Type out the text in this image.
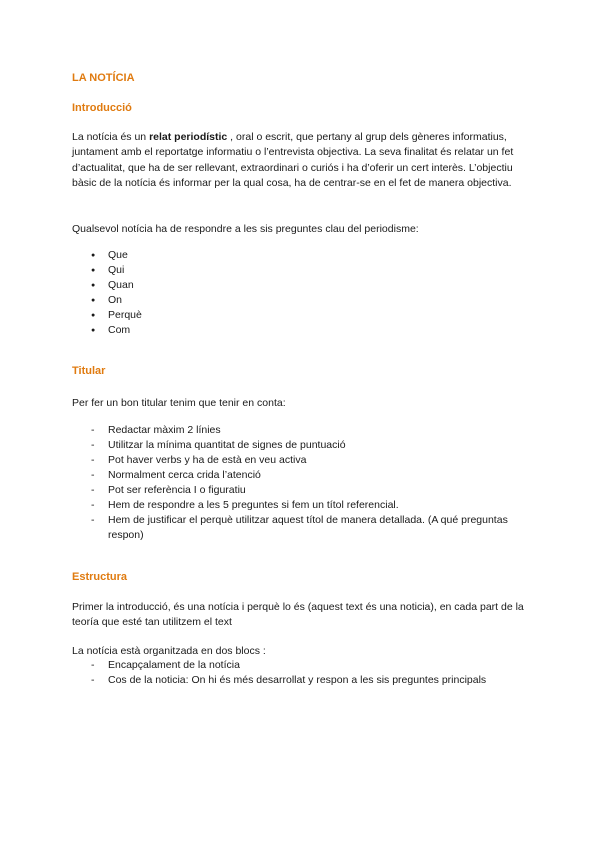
LA NOTÍCIA
Introducció
La notícia és un relat periodístic , oral o escrit, que pertany al grup dels gèneres informatius, juntament amb el reportatge informatiu o l’entrevista objectiva. La seva finalitat és relatar un fet d’actualitat, que ha de ser rellevant, extraordinari o curiós i ha d’oferir un cert interès. L’objectiu bàsic de la notícia és informar per la qual cosa, ha de centrar-se en el fet de manera objectiva.
Qualsevol notícia ha de respondre a les sis preguntes clau del periodisme:
● Que
● Qui
● Quan
● On
● Perquè
● Com
Titular
Per fer un bon titular tenim que tenir en conta:
- Redactar màxim 2 línies
- Utilitzar la mínima quantitat de signes de puntuació
- Pot haver verbs y ha de està en veu activa
- Normalment cerca crida l’atenció
- Pot ser referència I o figuratiu
- Hem de respondre a les 5 preguntes si fem un títol referencial.
- Hem de justificar el perquè utilitzar aquest títol de manera detallada. (A qué preguntas respon)
Estructura
Primer la introducció, és una notícia i perquè lo és (aquest text és una noticia), en cada part de la teoría que esté tan utilitzem el text
La notícia està organitzada en dos blocs :
- Encapçalament de la notícia
- Cos de la noticia: On hi és més desarrollat y respon a les sis preguntes principals
